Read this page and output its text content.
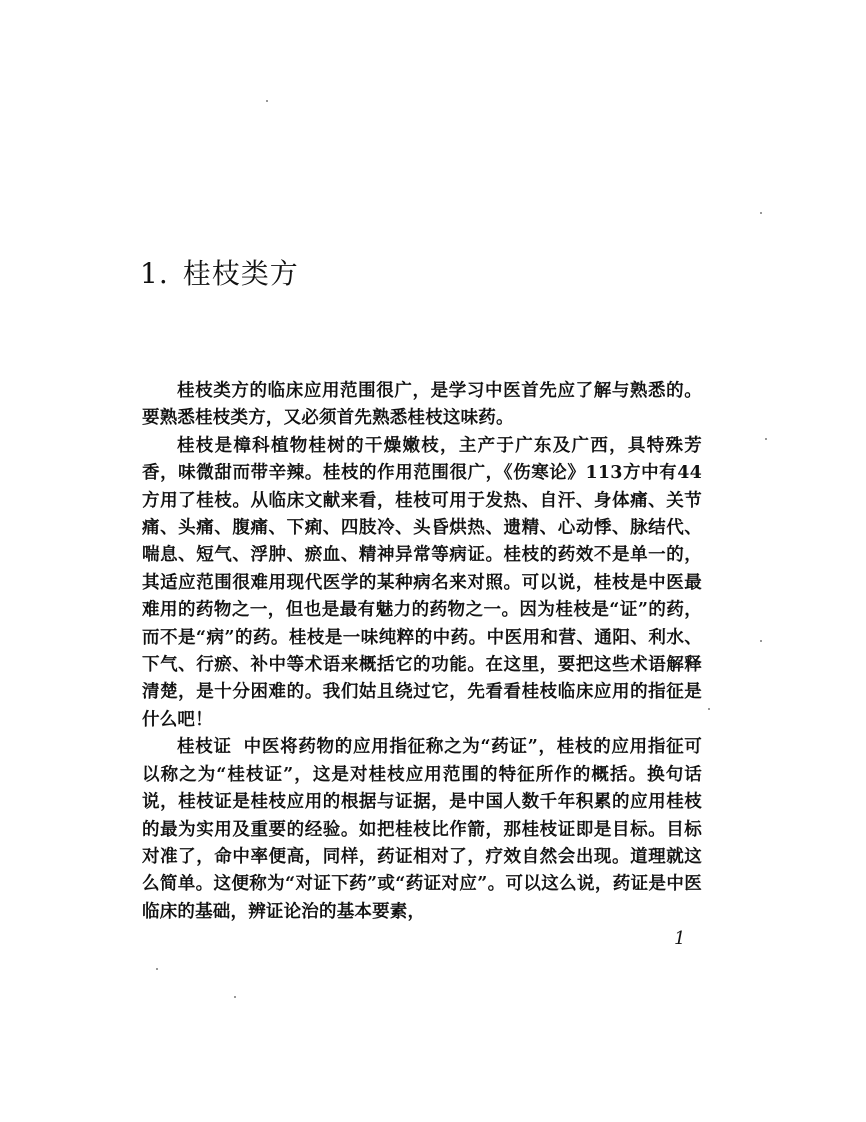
1. 桂枝类方

桂枝类方的临床应用范围很广，是学习中医首先应了解与熟悉的。要熟悉桂枝类方，又必须首先熟悉桂枝这味药。

桂枝是樟科植物桂树的干燥嫩枝，主产于广东及广西，具特殊芳香，味微甜而带辛辣。桂枝的作用范围很广，《伤寒论》113方中有44方用了桂枝。从临床文献来看，桂枝可用于发热、自汗、身体痛、关节痛、头痛、腹痛、下痢、四肢冷、头昏烘热、遗精、心动悸、脉结代、喘息、短气、浮肿、瘀血、精神异常等病证。桂枝的药效不是单一的，其适应范围很难用现代医学的某种病名来对照。可以说，桂枝是中医最难用的药物之一，但也是最有魅力的药物之一。因为桂枝是“证”的药，而不是“病”的药。桂枝是一味纯粹的中药。中医用和营、通阳、利水、下气、行瘀、补中等术语来概括它的功能。在这里，要把这些术语解释清楚，是十分困难的。我们姑且绕过它，先看看桂枝临床应用的指征是什么吧！

桂枝证 中医将药物的应用指征称之为“药证”，桂枝的应用指征可以称之为“桂枝证”，这是对桂枝应用范围的特征所作的概括。换句话说，桂枝证是桂枝应用的根据与证据，是中国人数千年积累的应用桂枝的最为实用及重要的经验。如把桂枝比作箭，那桂枝证即是目标。目标对准了，命中率便高，同样，药证相对了，疗效自然会出现。道理就这么简单。这便称为“对证下药”或“药证对应”。可以这么说，药证是中医临床的基础，辨证论治的基本要素，

1
